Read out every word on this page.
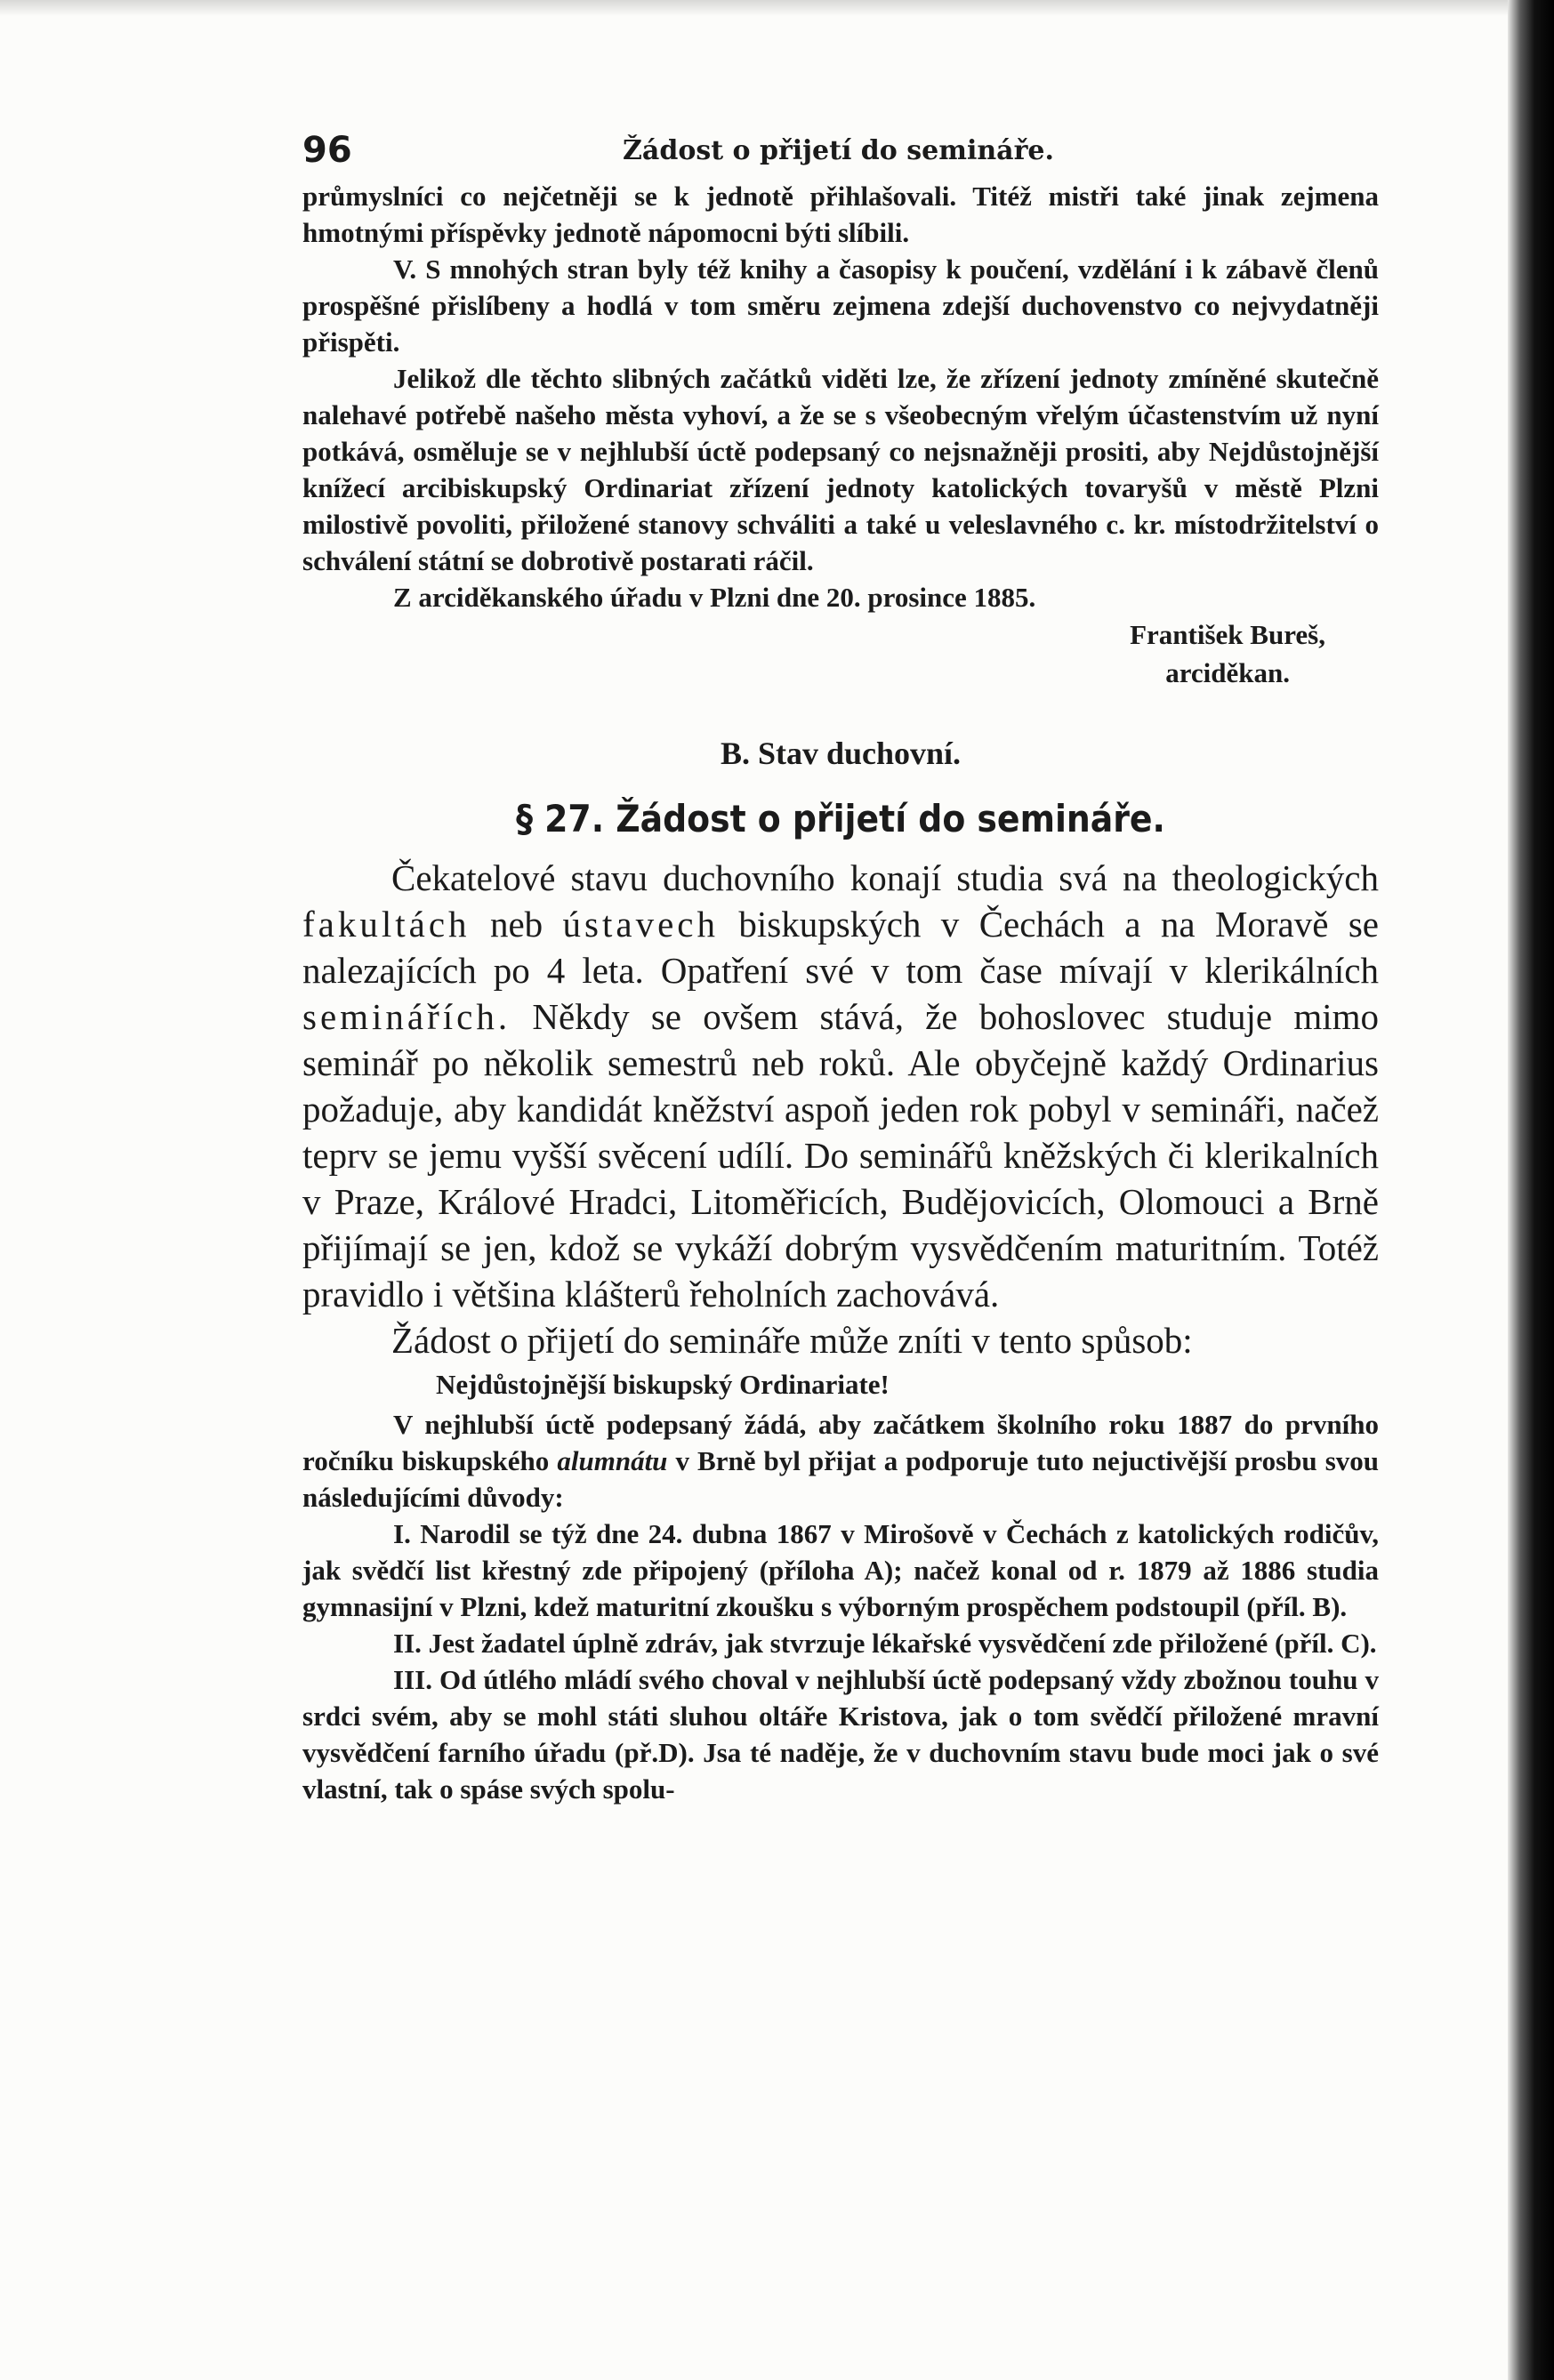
96	Žádost o přijetí do semináře.

průmyslníci co nejčetněji se k jednotě přihlašovali. Titéž mistři také jinak zejmena hmotnými příspěvky jednotě nápomocni býti slíbili.

V. S mnohých stran byly též knihy a časopisy k poučení, vzdělání i k zábavě členů prospěšné přislíbeny a hodlá v tom směru zejmena zdejší duchovenstvo co nejvydatněji přispěti.

Jelikož dle těchto slibných začátků viděti lze, že zřízení jednoty zmíněné skutečně nalehavé potřebě našeho města vyhoví, a že se s všeobecným vřelým účastenstvím už nyní potkává, osměluje se v nejhlubší úctě podepsaný co nejsnažněji prositi, aby Nejdůstojnější knížecí arcibiskupský Ordinariat zřízení jednoty katolických tovaryšů v městě Plzni milostivě povoliti, přiložené stanovy schváliti a také u veleslavného c. kr. místodržitelství o schválení státní se dobrotivě postarati ráčil.

Z arciděkanského úřadu v Plzni dne 20. prosince 1885.

František Bureš,
arciděkan.
B. Stav duchovní.
§ 27. Žádost o přijetí do semináře.

Čekatelové stavu duchovního konají studia svá na theologických fakultách neb ústavech biskupských v Čechách a na Moravě se nalezajících po 4 leta. Opatření své v tom čase mívají v klerikálních seminářích. Někdy se ovšem stává, že bohoslovec studuje mimo seminář po několik semestrů neb roků. Ale obyčejně každý Ordinarius požaduje, aby kandidát kněžství aspoň jeden rok pobyl v semináři, načež teprv se jemu vyšší svěcení udílí. Do seminářů kněžských či klerikalních v Praze, Králové Hradci, Litoměřicích, Budějovicích, Olomouci a Brně přijímají se jen, kdož se vykáží dobrým vysvědčením maturitním. Totéž pravidlo i většina klášterů řeholních zachovává.

Žádost o přijetí do semináře může zníti v tento spůsob:

Nejdůstojnější biskupský Ordinariate!

V nejhlubší úctě podepsaný žádá, aby začátkem školního roku 1887 do prvního ročníku biskupského alumnátu v Brně byl přijat a podporuje tuto nejuctivější prosbu svou následujícími důvody:

I. Narodil se týž dne 24. dubna 1867 v Mirošově v Čechách z katolických rodičův, jak svědčí list křestný zde připojený (příloha A); načež konal od r. 1879 až 1886 studia gymnasijní v Plzni, kdež maturitní zkoušku s výborným prospěchem podstoupil (příl. B).

II. Jest žadatel úplně zdráv, jak stvrzuje lékařské vysvědčení zde přiložené (příl. C).

III. Od útlého mládí svého choval v nejhlubší úctě podepsaný vždy zbožnou touhu v srdci svém, aby se mohl státi sluhou oltáře Kristova, jak o tom svědčí přiložené mravní vysvědčení farního úřadu (př.D). Jsa té naděje, že v duchovním stavu bude moci jak o své vlastní, tak o spáse svých spolu-
